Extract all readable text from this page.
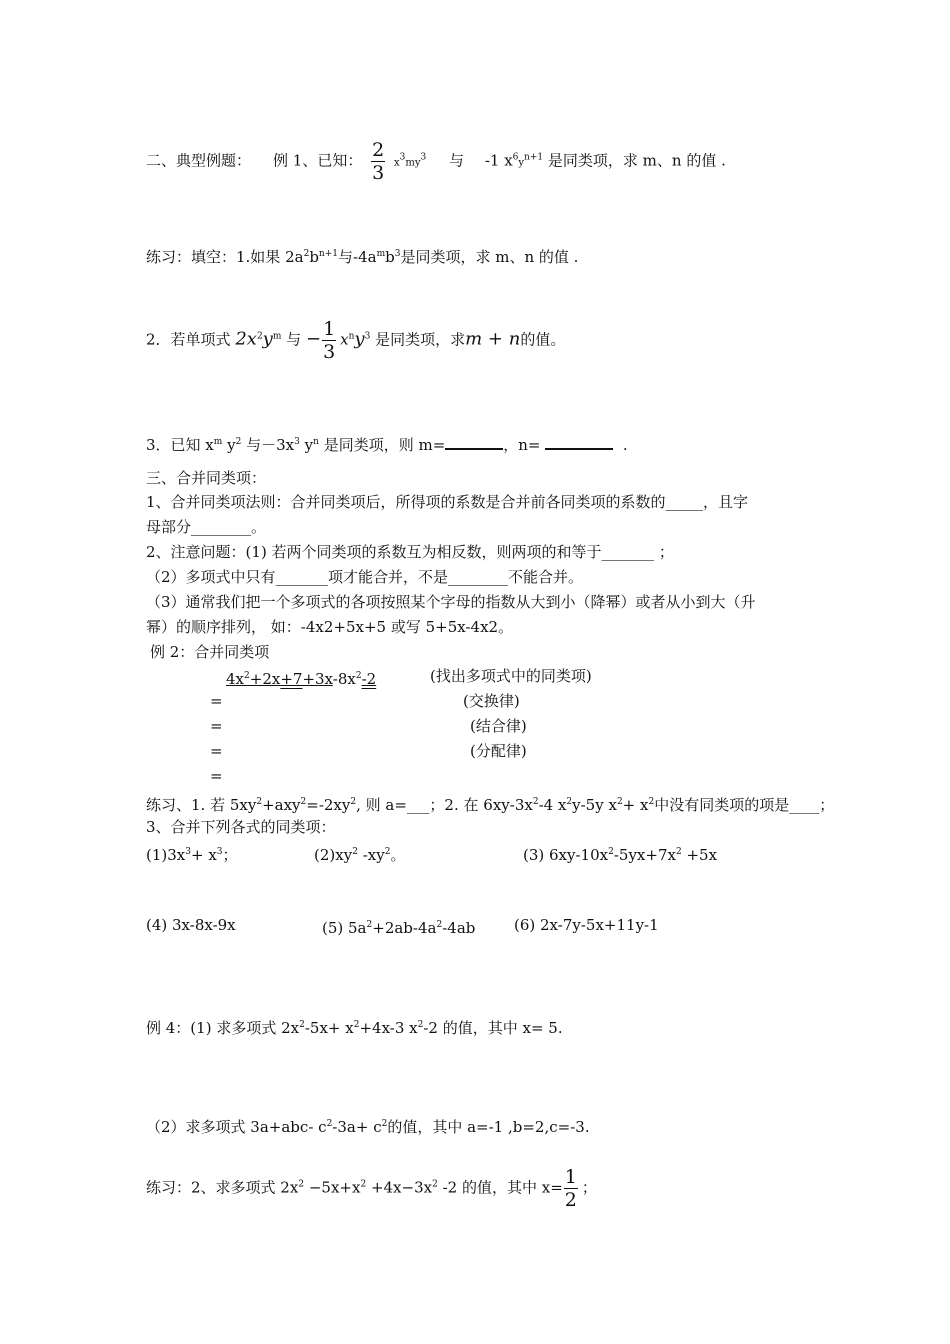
二、典型例题： 例 1、已知： $\frac{2}{3} x^3my^3$ 与 -1 $x^6y^{n+1}$ 是同类项，求 m、n 的值 .
练习：填空：1.如果 $2a^2b^{n+1}$与$-4a^mb^3$是同类项，求 m、n 的值 .
2．若单项式 $2x^2y^m$ 与 − $\frac{1}{3} x^ny^3$ 是同类项，求m + n的值。
3．已知 $x^m$ $y^2$ 与$-3x^3$ $y^n$ 是同类项，则 m=	，n=	.
三、合并同类项：
1、合并同类项法则：合并同类项后，所得项的系数是合并前各同类项的系数的_____，且字
母部分________。
2、注意问题：(1) 若两个同类项的系数互为相反数，则两项的和等于_______ ；
（2）多项式中只有_______项才能合并，不是________不能合并。
（3）通常我们把一个多项式的各项按照某个字母的指数从大到小（降幂）或者从小到大（升
幂）的顺序排列， 如：-4x2+5x+5 或写 5+5x-4x2。
例 2：合并同类项
$4x^2+2x+7+3x-8x^2-2$	(找出多项式中的同类项)
=	(交换律)
=	(结合律)
=	(分配律)
=
练习、1. 若 $5xy^2+axy^2=-2xy^2$, 则 a=___；2. 在 $6xy-3x^2-4$ $x^2y-5y$ $x^2+ x^2$中没有同类项的项是____；
3、合并下列各式的同类项：
$(1)3x^3+ x^3$；	$(2)xy^2$ $-xy^2$。	(3) $6xy-10x^2-5yx+7x^2 +5x$
(4) 3x-8x-9x	(5) $5a^2+2ab-4a^2-4ab$	(6) 2x-7y-5x+11y-1
例 4：(1) 求多项式 $2x^2-5x+ x^2+4x-3$ $x^2-2$ 的值，其中 x= 5.
（2）求多项式 3a+abc- $c^2-3a+ c^2$的值，其中 a=-1 ,b=2,c=-3.
练习：2、求多项式 $2x^2 -5x+x^2 +4x-3x^2$ -2 的值，其中 $x= \frac{1}{2}$ ；
